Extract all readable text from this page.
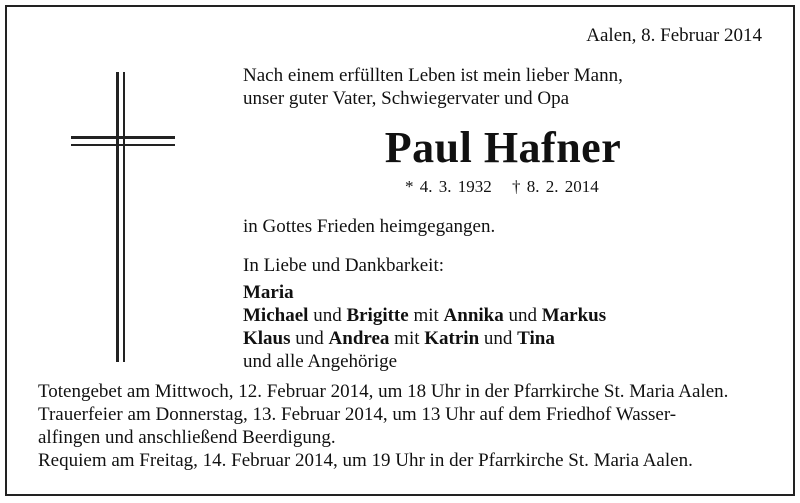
Aalen, 8. Februar 2014
Nach einem erfüllten Leben ist mein lieber Mann,
unser guter Vater, Schwiegervater und Opa
Paul Hafner
* 4. 3. 1932 † 8. 2. 2014
in Gottes Frieden heimgegangen.
In Liebe und Dankbarkeit:
Maria
Michael und Brigitte mit Annika und Markus
Klaus und Andrea mit Katrin und Tina
und alle Angehörige
Totengebet am Mittwoch, 12. Februar 2014, um 18 Uhr in der Pfarrkirche St. Maria Aalen.
Trauerfeier am Donnerstag, 13. Februar 2014, um 13 Uhr auf dem Friedhof Wasser-
alfingen und anschließend Beerdigung.
Requiem am Freitag, 14. Februar 2014, um 19 Uhr in der Pfarrkirche St. Maria Aalen.
